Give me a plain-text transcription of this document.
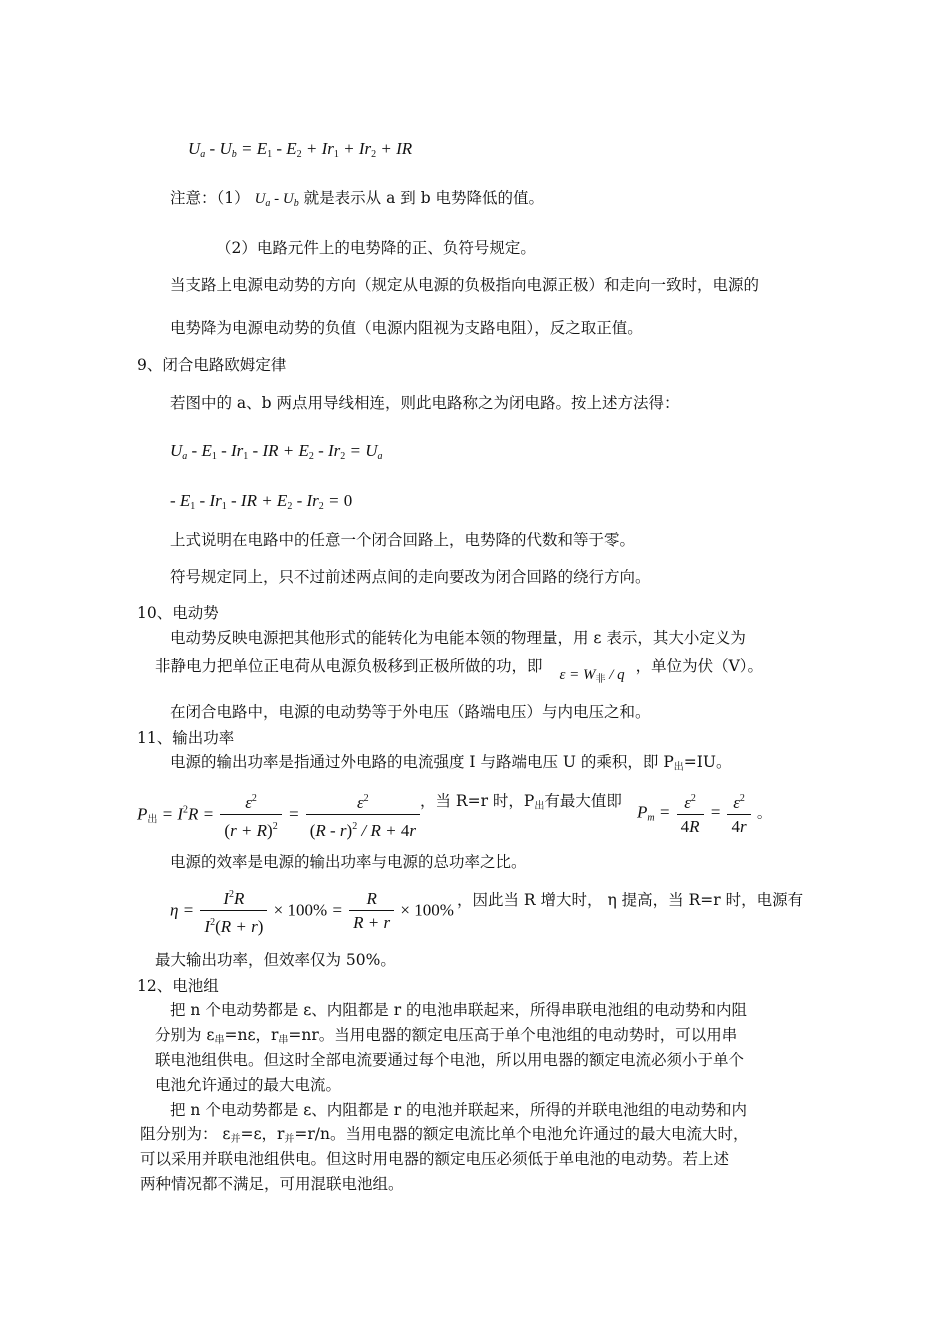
$U_a - U_b = E_1 - E_2 + Ir_1 + Ir_2$ + IR
注意：（1） $U_a - U_b$ 就是表示从 a 到 b 电势降低的值。
（2）电路元件上的电势降的正、负符号规定。
当支路上电源电动势的方向（规定从电源的负极指向电源正极）和走向一致时，电源的
电势降为电源电动势的负值（电源内阻视为支路电阻），反之取正值。
9、闭合电路欧姆定律
若图中的 a、b 两点用导线相连，则此电路称之为闭电路。按上述方法得：
$U_a - E_1 - Ir_1$ - IR + $E_2 - Ir_2 = U_a$
- $E_1 - Ir_1$ - IR + $E_2 - Ir_2 = 0$
上式说明在电路中的任意一个闭合回路上，电势降的代数和等于零。
符号规定同上，只不过前述两点间的走向要改为闭合回路的绕行方向。
10、电动势
电动势反映电源把其他形式的能转化为电能本领的物理量，用 ε 表示，其大小定义为
非静电力把单位正电荷从电源负极移到正极所做的功，即 $\varepsilon = W_非 / q$ ，单位为伏（V）。
在闭合电路中，电源的电动势等于外电压（路端电压）与内电压之和。
11、输出功率
电源的输出功率是指通过外电路的电流强度 I 与路端电压 U 的乘积，即 $P_出=IU$。
$P_出 = I^2R = \frac{\varepsilon^2}{(r + R)^2} = \frac{\varepsilon^2}{(R - r)^2 / R + 4r}$ ，当 R=r 时，$P_出$有最大值即
$P_m = \frac{\varepsilon^2}{4R} = \frac{\varepsilon^2}{4r}$ 。
电源的效率是电源的输出功率与电源的总功率之比。
$\eta = \frac{I^2R}{I^2(R + r)} \times 100\% = \frac{R}{R + r} \times 100\%$
，因此当 R 增大时， η 提高，当 R=r 时，电源有
最大输出功率，但效率仅为 50%。
12、电池组
把 n 个电动势都是 ε、内阻都是 r 的电池串联起来，所得串联电池组的电动势和内阻
分别为 $\varepsilon_串=n\varepsilon$，$r_串=nr$。当用电器的额定电压高于单个电池组的电动势时，可以用串
联电池组供电。但这时全部电流要通过每个电池，所以用电器的额定电流必须小于单个
电池允许通过的最大电流。
把 n 个电动势都是 ε、内阻都是 r 的电池并联起来，所得的并联电池组的电动势和内
阻分别为： $\varepsilon_并=\varepsilon$，$r_并=r/n$。当用电器的额定电流比单个电池允许通过的最大电流大时，
可以采用并联电池组供电。但这时用电器的额定电压必须低于单电池的电动势。若上述
两种情况都不满足，可用混联电池组。
